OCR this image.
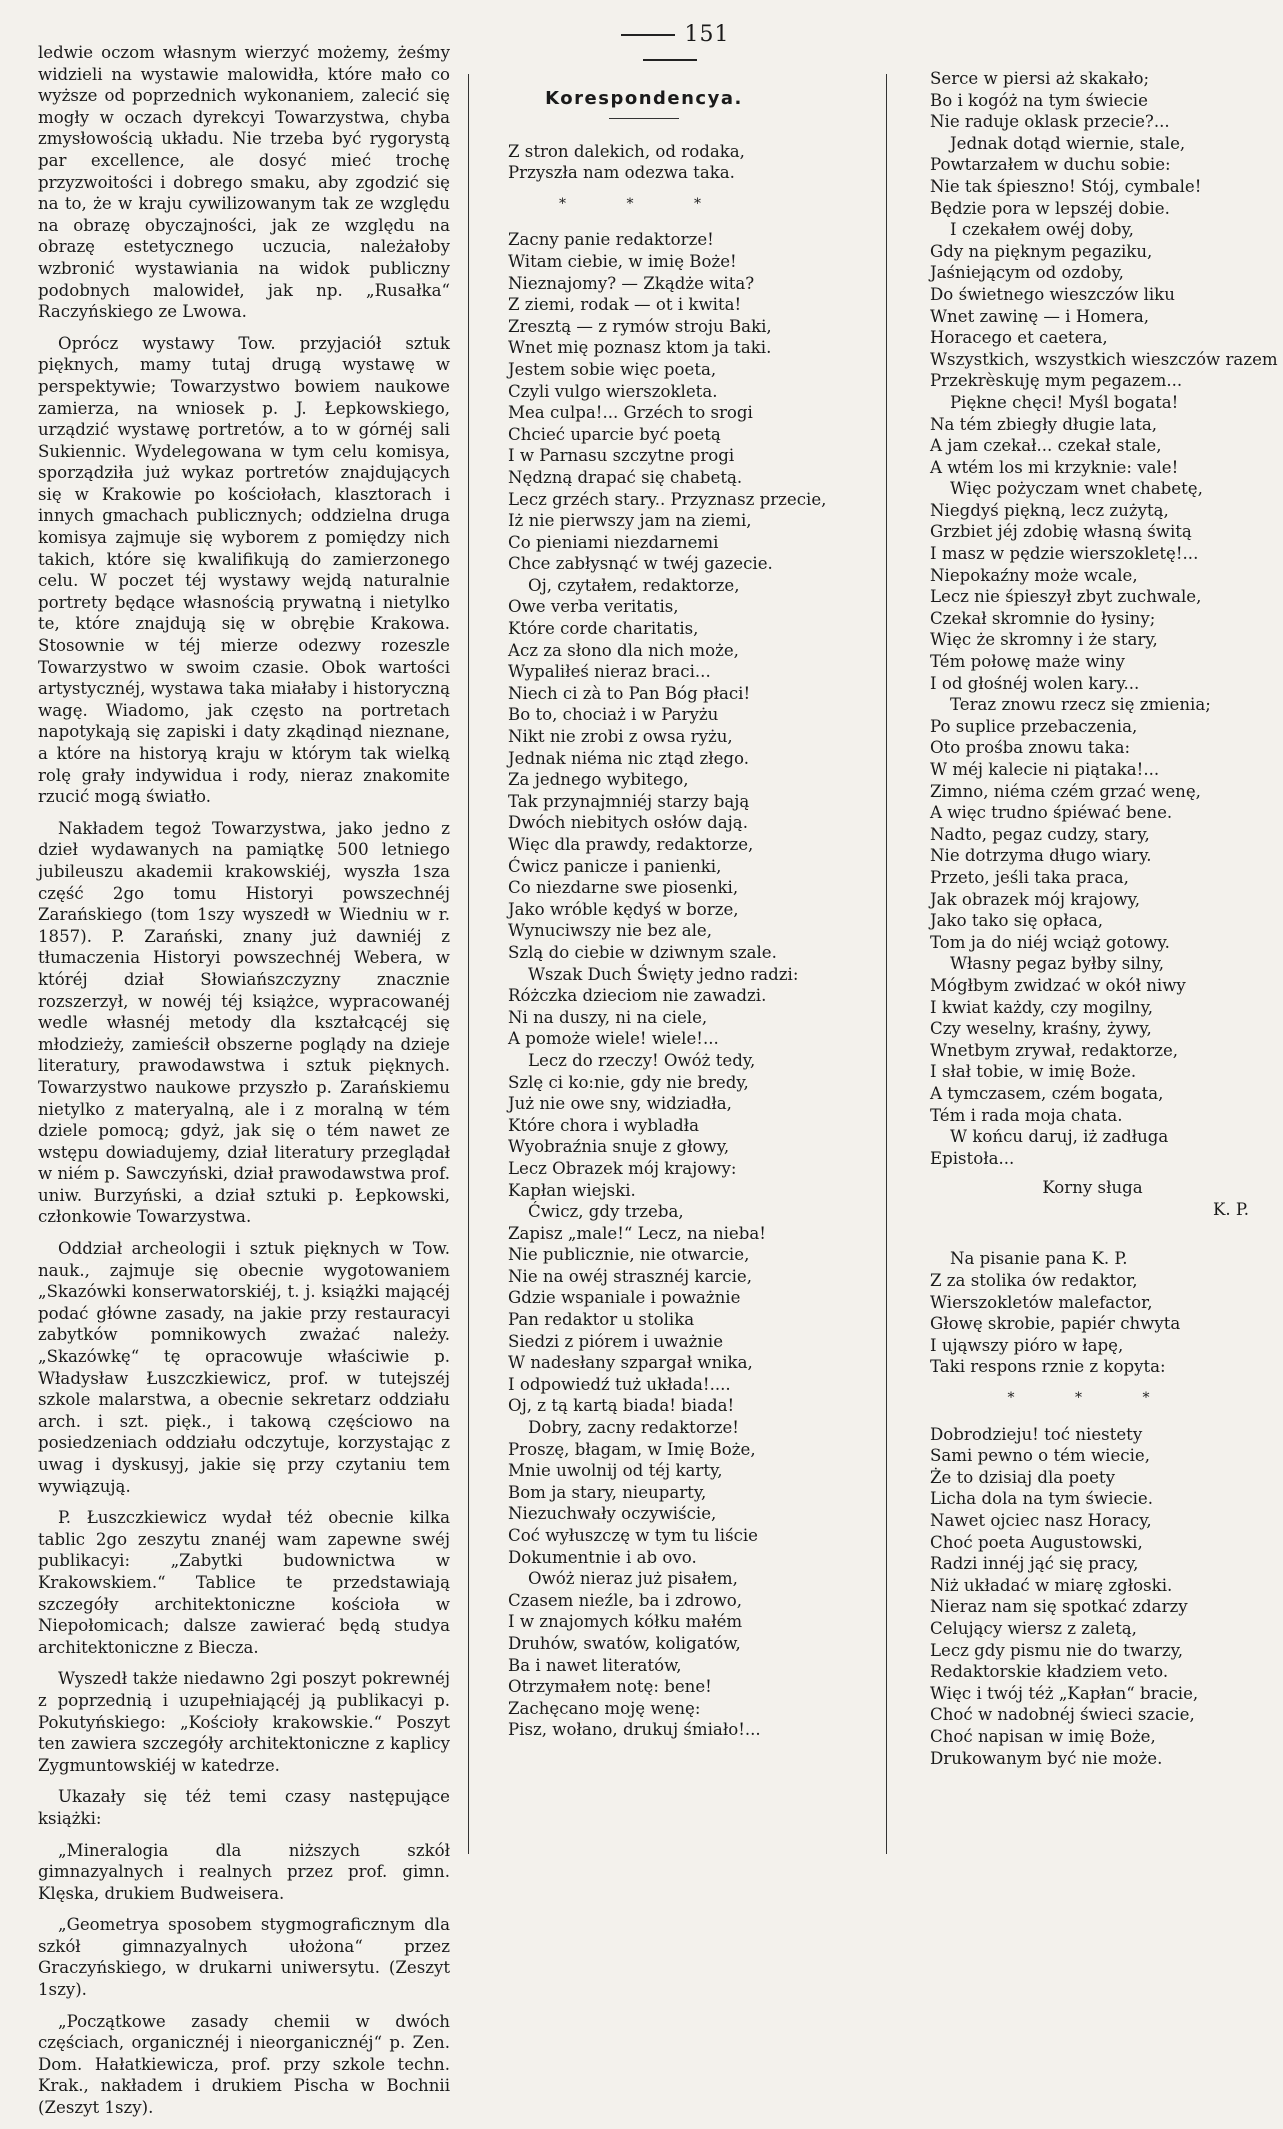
151

ledwie oczom własnym wierzyć możemy, żeśmy widzieli na wystawie malowidła, które mało co wyższe od poprzednich wykonaniem, zalecić się mogły w oczach dyrekcyi Towarzystwa, chyba zmysłowością układu. Nie trzeba być rygorystą par excellence, ale dosyć mieć trochę przyzwoitości i dobrego smaku, aby zgodzić się na to, że w kraju cywilizowanym tak ze względu na obrazę obyczajności, jak ze względu na obrazę estetycznego uczucia, należałoby wzbronić wystawiania na widok publiczny podobnych malowideł, jak np. „Rusałka“ Raczyńskiego ze Lwowa.

Oprócz wystawy Tow. przyjaciół sztuk pięknych, mamy tutaj drugą wystawę w perspektywie; Towarzystwo bowiem naukowe zamierza, na wniosek p. J. Łepkowskiego, urządzić wystawę portretów, a to w górnéj sali Sukiennic. Wydelegowana w tym celu komisya, sporządziła już wykaz portretów znajdujących się w Krakowie po kościołach, klasztorach i innych gmachach publicznych; oddzielna druga komisya zajmuje się wyborem z pomiędzy nich takich, które się kwalifikują do zamierzonego celu. W poczet téj wystawy wejdą naturalnie portrety będące własnością prywatną i nietylko te, które znajdują się w obrębie Krakowa. Stosownie w téj mierze odezwy rozeszle Towarzystwo w swoim czasie. Obok wartości artystycznéj, wystawa taka miałaby i historyczną wagę. Wiadomo, jak często na portretach napotykają się zapiski i daty zkądinąd nieznane, a które na historyą kraju w którym tak wielką rolę grały indywidua i rody, nieraz znakomite rzucić mogą światło.

Nakładem tegoż Towarzystwa, jako jedno z dzieł wydawanych na pamiątkę 500 letniego jubileuszu akademii krakowskiéj, wyszła 1sza część 2go tomu Historyi powszechnéj Zarańskiego (tom 1szy wyszedł w Wiedniu w r. 1857). P. Zarański, znany już dawniéj z tłumaczenia Historyi powszechnéj Webera, w któréj dział Słowiańszczyzny znacznie rozszerzył, w nowéj téj książce, wypracowanéj wedle własnéj metody dla kształcącéj się młodzieży, zamieścił obszerne poglądy na dzieje literatury, prawodawstwa i sztuk pięknych. Towarzystwo naukowe przyszło p. Zarańskiemu nietylko z materyalną, ale i z moralną w tém dziele pomocą; gdyż, jak się o tém nawet ze wstępu dowiadujemy, dział literatury przeglądał w niém p. Sawczyński, dział prawodawstwa prof. uniw. Burzyński, a dział sztuki p. Łepkowski, członkowie Towarzystwa.

Oddział archeologii i sztuk pięknych w Tow. nauk., zajmuje się obecnie wygotowaniem „Skazówki konserwatorskiéj, t. j. książki mającéj podać główne zasady, na jakie przy restauracyi zabytków pomnikowych zważać należy. „Skazówkę“ tę opracowuje właściwie p. Władysław Łuszczkiewicz, prof. w tutejszéj szkole malarstwa, a obecnie sekretarz oddziału arch. i szt. pięk., i takową częściowo na posiedzeniach oddziału odczytuje, korzystając z uwag i dyskusyj, jakie się przy czytaniu tem wywiązują.

P. Łuszczkiewicz wydał téż obecnie kilka tablic 2go zeszytu znanéj wam zapewne swéj publikacyi: „Zabytki budownictwa w Krakowskiem.“ Tablice te przedstawiają szczegóły architektoniczne kościoła w Niepołomicach; dalsze zawierać będą studya architektoniczne z Biecza.

Wyszedł także niedawno 2gi poszyt pokrewnéj z poprzednią i uzupełniającéj ją publikacyi p. Pokutyńskiego: „Kościoły krakowskie.“ Poszyt ten zawiera szczegóły architektoniczne z kaplicy Zygmuntowskiéj w katedrze.

Ukazały się téż temi czasy następujące książki:

„Mineralogia dla niższych szkół gimnazyalnych i realnych przez prof. gimn. Klęska, drukiem Budweisera.

„Geometrya sposobem stygmograficznym dla szkół gimnazyalnych ułożona“ przez Graczyńskiego, w drukarni uniwersytu. (Zeszyt 1szy).

„Początkowe zasady chemii w dwóch częściach, organicznéj i nieorganicznéj“ p. Zen. Dom. Hałatkiewicza, prof. przy szkole techn. Krak., nakładem i drukiem Pischa w Bochnii (Zeszyt 1szy).

Korespondencya.
Z stron dalekich, od rodaka,
Przyszła nam odezwa taka.
* * *
Zacny panie redaktorze!
Witam ciebie, w imię Boże!
Nieznajomy? — Zkądże wita?
Z ziemi, rodak — ot i kwita!
Zresztą — z rymów stroju Baki,
Wnet mię poznasz ktom ja taki.
Jestem sobie więc poeta,
Czyli vulgo wierszokleta.
Mea culpa!... Grzéch to srogi
Chcieć uparcie być poetą
I w Parnasu szczytne progi
Nędzną drapać się chabetą.
Lecz grzéch stary.. Przyznasz przecie,
Iż nie pierwszy jam na ziemi,
Co pieniami niezdarnemi
Chce zabłysnąć w twéj gazecie.
Oj, czytałem, redaktorze,
Owe verba veritatis,
Które corde charitatis,
Acz za słono dla nich może,
Wypaliłeś nieraz braci...
Niech ci zà to Pan Bóg płaci!
Bo to, chociaż i w Paryżu
Nikt nie zrobi z owsa ryżu,
Jednak niéma nic ztąd złego.
Za jednego wybitego,
Tak przynajmniéj starzy bają
Dwóch niebitych osłów dają.
Więc dla prawdy, redaktorze,
Ćwicz panicze i panienki,
Co niezdarne swe piosenki,
Jako wróble kędyś w borze,
Wynuciwszy nie bez ale,
Szlą do ciebie w dziwnym szale.
Wszak Duch Święty jedno radzi:
Różczka dzieciom nie zawadzi.
Ni na duszy, ni na ciele,
A pomoże wiele! wiele!...
Lecz do rzeczy! Owóż tedy,
Szlę ci ko:nie, gdy nie bredy,
Już nie owe sny, widziadła,
Które chora i wybladła
Wyobraźnia snuje z głowy,
Lecz Obrazek mój krajowy:
Kapłan wiejski.
Ćwicz, gdy trzeba,
Zapisz „male!“ Lecz, na nieba!
Nie publicznie, nie otwarcie,
Nie na owéj strasznéj karcie,
Gdzie wspaniale i poważnie
Pan redaktor u stolika
Siedzi z piórem i uważnie
W nadesłany szpargał wnika,
I odpowiedź tuż układa!....
Oj, z tą kartą biada! biada!
Dobry, zacny redaktorze!
Proszę, błagam, w Imię Boże,
Mnie uwolnij od téj karty,
Bom ja stary, nieuparty,
Niezuchwały oczywiście,
Coć wyłuszczę w tym tu liście
Dokumentnie i ab ovo.
Owóż nieraz już pisałem,
Czasem nieźle, ba i zdrowo,
I w znajomych kółku małém
Druhów, swatów, koligatów,
Ba i nawet literatów,
Otrzymałem notę: bene!
Zachęcano moję wenę:
Pisz, wołano, drukuj śmiało!...
Serce w piersi aż skakało;
Bo i kogóż na tym świecie
Nie raduje oklask przecie?...
Jednak dotąd wiernie, stale,
Powtarzałem w duchu sobie:
Nie tak śpieszno! Stój, cymbale!
Będzie pora w lepszéj dobie.
I czekałem owéj doby,
Gdy na pięknym pegaziku,
Jaśniejącym od ozdoby,
Do świetnego wieszczów liku
Wnet zawinę — i Homera,
Horacego et caetera,
Wszystkich, wszystkich wieszczów razem
Przekrèskuję mym pegazem...
Piękne chęci! Myśl bogata!
Na tém zbiegły długie lata,
A jam czekał... czekał stale,
A wtém los mi krzyknie: vale!
Więc pożyczam wnet chabetę,
Niegdyś piękną, lecz zużytą,
Grzbiet jéj zdobię własną świtą
I masz w pędzie wierszokletę!...
Niepokaźny może wcale,
Lecz nie śpieszył zbyt zuchwale,
Czekał skromnie do łysiny;
Więc że skromny i że stary,
Tém połowę maże winy
I od głośnéj wolen kary...
Teraz znowu rzecz się zmienia;
Po suplice przebaczenia,
Oto prośba znowu taka:
W méj kalecie ni piątaka!...
Zimno, niéma czém grzać wenę,
A więc trudno śpiéwać bene.
Nadto, pegaz cudzy, stary,
Nie dotrzyma długo wiary.
Przeto, jeśli taka praca,
Jak obrazek mój krajowy,
Jako tako się opłaca,
Tom ja do niéj wciąż gotowy.
Własny pegaz byłby silny,
Mógłbym zwidzać w okół niwy
I kwiat każdy, czy mogilny,
Czy weselny, kraśny, żywy,
Wnetbym zrywał, redaktorze,
I słał tobie, w imię Boże.
A tymczasem, czém bogata,
Tém i rada moja chata.
W końcu daruj, iż zadługa
Epistoła...
Korny sługa
K. P.
Na pisanie pana K. P.
Z za stolika ów redaktor,
Wierszokletów malefactor,
Głowę skrobie, papiér chwyta
I ująwszy pióro w łapę,
Taki respons rznie z kopyta:
* * *
Dobrodzieju! toć niestety
Sami pewno o tém wiecie,
Że to dzisiaj dla poety
Licha dola na tym świecie.
Nawet ojciec nasz Horacy,
Choć poeta Augustowski,
Radzi innéj jąć się pracy,
Niż układać w miarę zgłoski.
Nieraz nam się spotkać zdarzy
Celujący wiersz z zaletą,
Lecz gdy pismu nie do twarzy,
Redaktorskie kładziem veto.
Więc i twój téż „Kapłan“ bracie,
Choć w nadobnéj świeci szacie,
Choć napisan w imię Boże,
Drukowanym być nie może.
